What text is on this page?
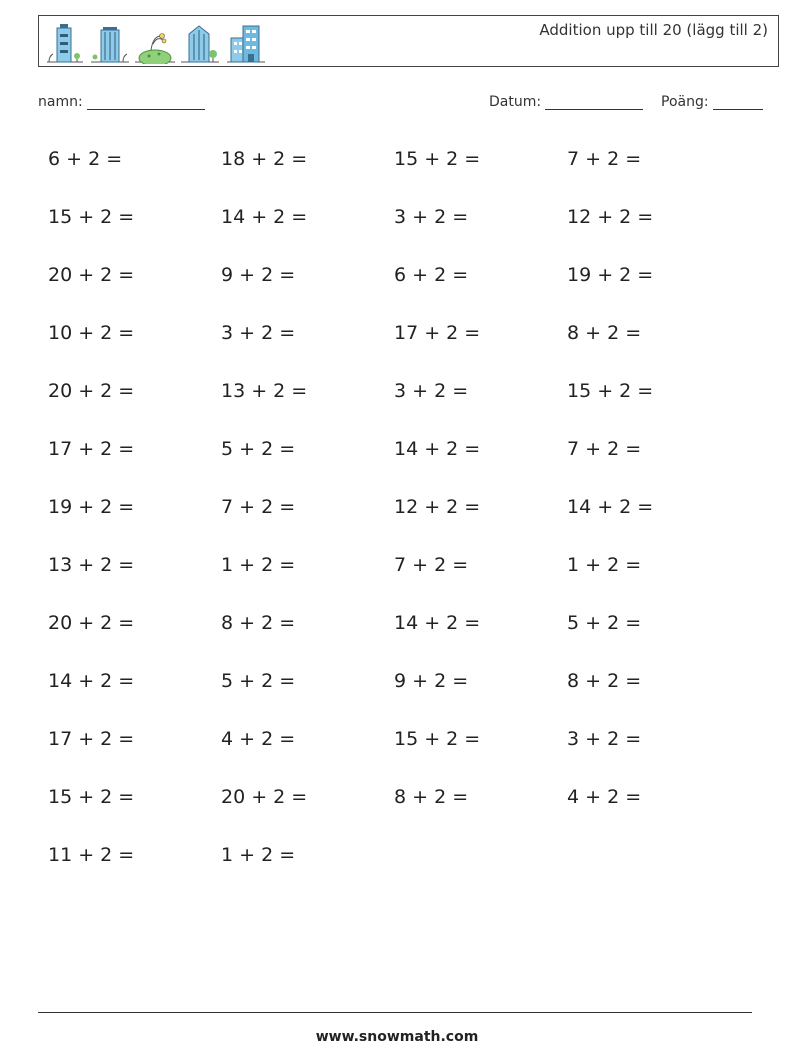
Addition upp till 20 (lägg till 2)
namn:	Datum:	Poäng:
6 + 2 =	18 + 2 =	15 + 2 =	7 + 2 =
15 + 2 =	14 + 2 =	3 + 2 =	12 + 2 =
20 + 2 =	9 + 2 =	6 + 2 =	19 + 2 =
10 + 2 =	3 + 2 =	17 + 2 =	8 + 2 =
20 + 2 =	13 + 2 =	3 + 2 =	15 + 2 =
17 + 2 =	5 + 2 =	14 + 2 =	7 + 2 =
19 + 2 =	7 + 2 =	12 + 2 =	14 + 2 =
13 + 2 =	1 + 2 =	7 + 2 =	1 + 2 =
20 + 2 =	8 + 2 =	14 + 2 =	5 + 2 =
14 + 2 =	5 + 2 =	9 + 2 =	8 + 2 =
17 + 2 =	4 + 2 =	15 + 2 =	3 + 2 =
15 + 2 =	20 + 2 =	8 + 2 =	4 + 2 =
11 + 2 =	1 + 2 =
www.snowmath.com
